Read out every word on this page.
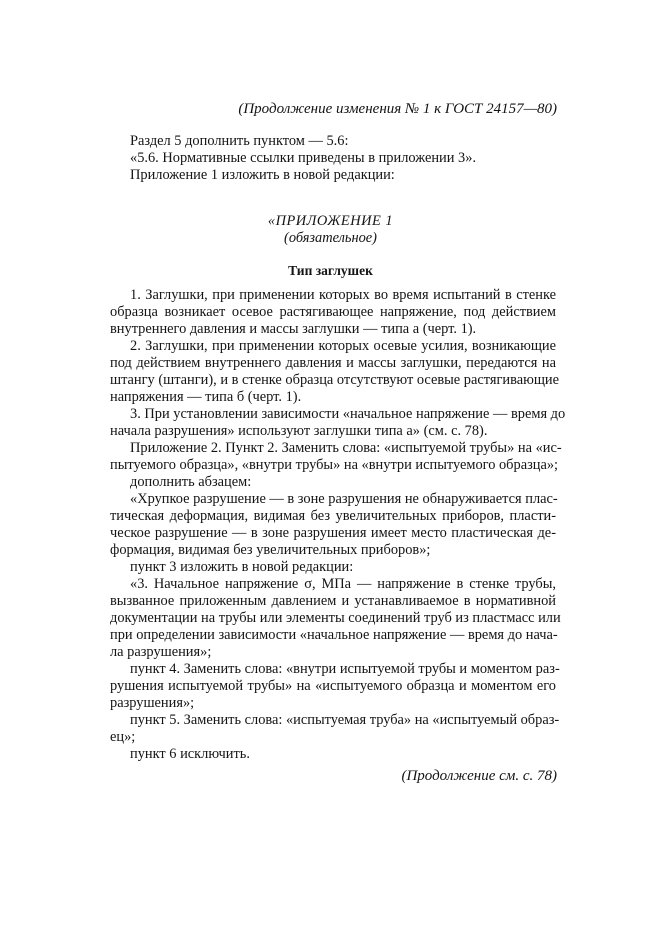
(Продолжение изменения № 1 к ГОСТ 24157—80)
Раздел 5 дополнить пунктом — 5.6:
«5.6. Нормативные ссылки приведены в приложении 3».
Приложение 1 изложить в новой редакции:
«ПРИЛОЖЕНИЕ 1
(обязательное)
Тип заглушек
1. Заглушки, при применении которых во время испытаний в стенке
образца возникает осевое растягивающее напряжение, под действием
внутреннего давления и массы заглушки — типа а (черт. 1).
2. Заглушки, при применении которых осевые усилия, возникающие
под действием внутреннего давления и массы заглушки, передаются на
штангу (штанги), и в стенке образца отсутствуют осевые растягивающие
напряжения — типа б (черт. 1).
3. При установлении зависимости «начальное напряжение — время до
начала разрушения» используют заглушки типа а» (см. с. 78).
Приложение 2. Пункт 2. Заменить слова: «испытуемой трубы» на «ис-
пытуемого образца», «внутри трубы» на «внутри испытуемого образца»;
дополнить абзацем:
«Хрупкое разрушение — в зоне разрушения не обнаруживается плас-
тическая деформация, видимая без увеличительных приборов, пласти-
ческое разрушение — в зоне разрушения имеет место пластическая де-
формация, видимая без увеличительных приборов»;
пункт 3 изложить в новой редакции:
«3. Начальное напряжение σ, МПа — напряжение в стенке трубы,
вызванное приложенным давлением и устанавливаемое в нормативной
документации на трубы или элементы соединений труб из пластмасс или
при определении зависимости «начальное напряжение — время до нача-
ла разрушения»;
пункт 4. Заменить слова: «внутри испытуемой трубы и моментом раз-
рушения испытуемой трубы» на «испытуемого образца и моментом его
разрушения»;
пункт 5. Заменить слова: «испытуемая труба» на «испытуемый образ-
ец»;
пункт 6 исключить.
(Продолжение см. с. 78)
